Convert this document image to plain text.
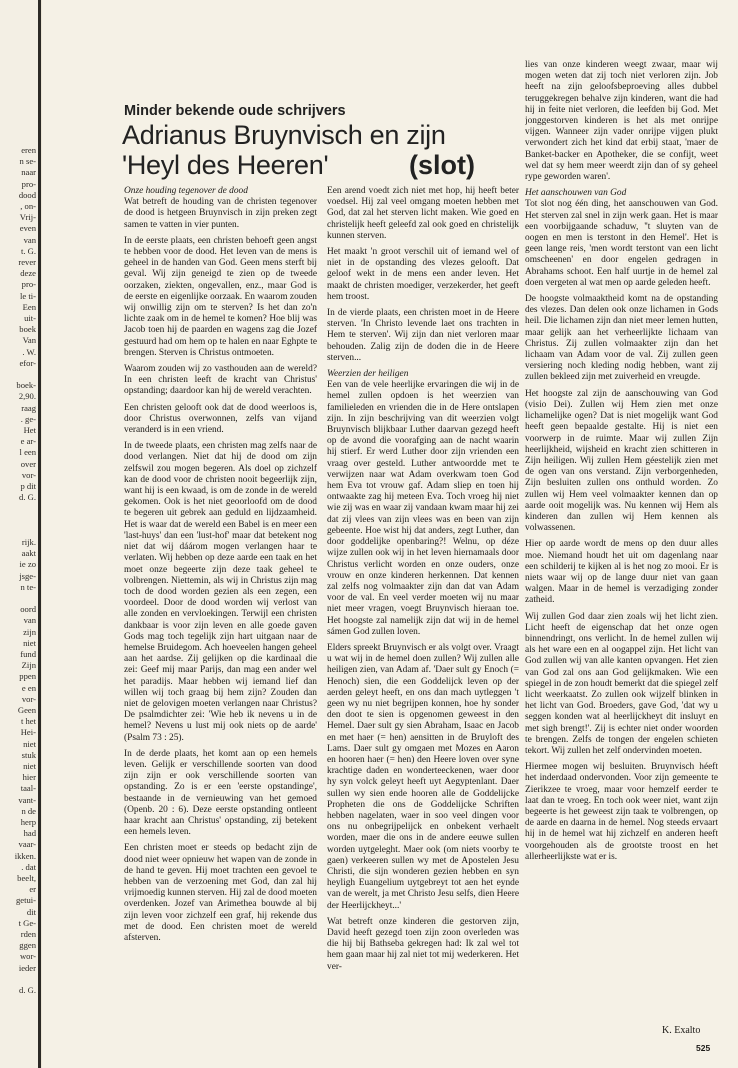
eren
n se-
naar
pro-
dood
, on-
Vrij-
even
van
t. G.
rever
deze
pro-
le ti-
Een
uit-
boek
Van
. W.
efor-
boek-
2,90.
raag
. ge-
Het
e ar-
l een
over
vor-
p dit
d. G.
rijk.
aakt
ie zo
jsge-
n te-
oord
van
zijn
niet
fund
Zijn
ppen
e en
vor-
Geen
t het
Hei-
niet
stuk
niet
hier
taal-
vant-
n de
herp
had
vaar-
ikken.
. dat
beelt,
er
getui-
dit
t Ge-
rden
ggen
wor-
ieder
d. G.

Minder bekende oude schrijvers

Adrianus Bruynvisch en zijn
'Heyl des Heeren'	(slot)

Onze houding tegenover de dood

Wat betreft de houding van de christen tegenover de dood is hetgeen Bruynvisch in zijn preken zegt samen te vatten in vier punten.

In de eerste plaats, een christen behoeft geen angst te hebben voor de dood. Het leven van de mens is geheel in de handen van God. Geen mens sterft bij geval. Wij zijn geneigd te zien op de tweede oorzaken, ziekten, ongevallen, enz., maar God is de eerste en eigenlijke oorzaak. En waarom zouden wij onwillig zijn om te sterven? Is het dan zo'n lichte zaak om in de hemel te komen? Hoe blij was Jacob toen hij de paarden en wagens zag die Jozef gestuurd had om hem op te halen en naar Eghpte te brengen. Sterven is Christus ontmoeten.

Waarom zouden wij zo vasthouden aan de wereld? In een christen leeft de kracht van Christus' opstanding; daardoor kan hij de wereld verachten.

Een christen gelooft ook dat de dood weerloos is, door Christus overwonnen, zelfs van vijand veranderd is in een vriend.

In de tweede plaats, een christen mag zelfs naar de dood verlangen. Niet dat hij de dood om zijn zelfswil zou mogen begeren. Als doel op zichzelf kan de dood voor de christen nooit begeerlijk zijn, want hij is een kwaad, is om de zonde in de wereld gekomen. Ook is het niet geoorloofd om de dood te begeren uit gebrek aan geduld en lijdzaamheid. Het is waar dat de wereld een Babel is en meer een 'last-huys' dan een 'lust-hof' maar dat betekent nog niet dat wij dáárom mogen verlangen haar te verlaten. Wij hebben op deze aarde een taak en het moet onze begeerte zijn deze taak geheel te volbrengen. Niettemin, als wij in Christus zijn mag toch de dood worden gezien als een zegen, een voordeel. Door de dood worden wij verlost van alle zonden en vervloekingen. Terwijl een christen dankbaar is voor zijn leven en alle goede gaven Gods mag toch tegelijk zijn hart uitgaan naar de hemelse Bruidegom. Ach hoeveelen hangen geheel aan het aardse. Zij gelijken op die kardinaal die zei: Geef mij maar Parijs, dan mag een ander wel het paradijs. Maar hebben wij iemand lief dan willen wij toch graag bij hem zijn? Zouden dan niet de gelovigen moeten verlangen naar Christus? De psalmdichter zei: 'Wie heb ik nevens u in de hemel? Nevens u lust mij ook niets op de aarde' (Psalm 73 : 25).

In de derde plaats, het komt aan op een hemels leven. Gelijk er verschillende soorten van dood zijn zijn er ook verschillende soorten van opstanding. Zo is er een 'eerste opstandinge', bestaande in de vernieuwing van het gemoed (Openb. 20 : 6). Deze eerste opstanding ontleent haar kracht aan Christus' opstanding, zij betekent een hemels leven.

Een christen moet er steeds op bedacht zijn de dood niet weer opnieuw het wapen van de zonde in de hand te geven. Hij moet trachten een gevoel te hebben van de verzoening met God, dan zal hij vrijmoedig kunnen sterven. Hij zal de dood moeten overdenken. Jozef van Arimethea bouwde al bij zijn leven voor zichzelf een graf, hij rekende dus met de dood. Een christen moet de wereld afsterven.

Een arend voedt zich niet met hop, hij heeft beter voedsel. Hij zal veel omgang moeten hebben met God, dat zal het sterven licht maken. Wie goed en christelijk heeft geleefd zal ook goed en christelijk kunnen sterven.

Het maakt 'n groot verschil uit of iemand wel of niet in de opstanding des vlezes gelooft. Dat geloof wekt in de mens een ander leven. Het maakt de christen moediger, verzekerder, het geeft hem troost.

In de vierde plaats, een christen moet in de Heere sterven. 'In Christo levende laet ons trachten in Hem te sterven'. Wij zijn dan niet verloren maar behouden. Zalig zijn de doden die in de Heere sterven...

Weerzien der heiligen

Een van de vele heerlijke ervaringen die wij in de hemel zullen opdoen is het weerzien van familieleden en vrienden die in de Here ontslapen zijn. In zijn beschrijving van dit weerzien volgt Bruynvisch blijkbaar Luther daarvan gezegd heeft op de avond die voorafging aan de nacht waarin hij stierf. Er werd Luther door zijn vrienden een vraag over gesteld. Luther antwoordde met te verwijzen naar wat Adam overkwam toen God hem Eva tot vrouw gaf. Adam sliep en toen hij ontwaakte zag hij meteen Eva. Toch vroeg hij niet wie zij was en waar zij vandaan kwam maar hij zei dat zij vlees van zijn vlees was en been van zijn gebeente. Hoe wist hij dat anders, zegt Luther, dan door goddelijke openbaring?! Welnu, op déze wijze zullen ook wij in het leven hiernamaals door Christus verlicht worden en onze ouders, onze vrouw en onze kinderen herkennen. Dat kennen zal zelfs nog volmaakter zijn dan dat van Adam voor de val. En veel verder moeten wij nu maar niet meer vragen, voegt Bruynvisch hieraan toe. Het hoogste zal namelijk zijn dat wij in de hemel sámen God zullen loven.

Elders spreekt Bruynvisch er als volgt over. Vraagt u wat wij in de hemel doen zullen? Wij zullen alle heiligen zien, van Adam af. 'Daer sult gy Enoch (= Henoch) sien, die een Goddelijck leven op der aerden geleyt heeft, en ons dan mach uytleggen 't geen wy nu niet begrijpen konnen, hoe hy sonder den doot te sien is opgenomen geweest in den Hemel. Daer sult gy sien Abraham, Isaac en Jacob en met haer (= hen) aensitten in de Bruyloft des Lams. Daer sult gy omgaen met Mozes en Aaron en hooren haer (= hen) den Heere loven over syne krachtige daden en wonderteeckenen, waer door hy syn volck geleyt heeft uyt Aegyptenlant. Daer sullen wy sien ende hooren alle de Goddelijcke Propheten die ons de Goddelijcke Schriften hebben nagelaten, waer in soo veel dingen voor ons nu onbegrijpelijck en onbekent verhaelt worden, maer die ons in de andere eeuwe sullen worden uytgeleght. Maer ook (om niets voorby te gaen) verkeeren sullen wy met de Apostelen Jesu Christi, die sijn wonderen gezien hebben en syn heyligh Euangelium uytgebreyt tot aen het eynde van de werelt, ja met Christo Jesu selfs, dien Heere der Heerlijckheyt...'

Wat betreft onze kinderen die gestorven zijn, David heeft gezegd toen zijn zoon overleden was die hij bij Bathseba gekregen had: Ik zal wel tot hem gaan maar hij zal niet tot mij wederkeren. Het ver-

lies van onze kinderen weegt zwaar, maar wij mogen weten dat zij toch niet verloren zijn. Job heeft na zijn geloofsbeproeving alles dubbel teruggekregen behalve zijn kinderen, want die had hij in feite niet verloren, die leefden bij God. Met jonggestorven kinderen is het als met onrijpe vijgen. Wanneer zijn vader onrijpe vijgen plukt verwondert zich het kind dat erbij staat, 'maer de Banket-backer en Apotheker, die se confijt, weet wel dat sy hem meer weerdt zijn dan of sy geheel rype geworden waren'.

Het aanschouwen van God

Tot slot nog één ding, het aanschouwen van God. Het sterven zal snel in zijn werk gaan. Het is maar een voorbijgaande schaduw, ''t sluyten van de oogen en men is terstont in den Hemel'. Het is geen lange reis, 'men wordt terstont van een licht omscheenen' en door engelen gedragen in Abrahams schoot. Een half uurtje in de hemel zal doen vergeten al wat men op aarde geleden heeft.

De hoogste volmaaktheid komt na de opstanding des vlezes. Dan delen ook onze lichamen in Gods heil. Die lichamen zijn dan niet meer lemen hutten, maar gelijk aan het verheerlijkte lichaam van Christus. Zij zullen volmaakter zijn dan het lichaam van Adam voor de val. Zij zullen geen versiering noch kleding nodig hebben, want zij zullen bekleed zijn met zuiverheid en vreugde.

Het hoogste zal zijn de aanschouwing van God (visio Dei). Zullen wij Hem zien met onze lichamelijke ogen? Dat is niet mogelijk want God heeft geen bepaalde gestalte. Hij is niet een voorwerp in de ruimte. Maar wij zullen Zijn heerlijkheid, wijsheid en kracht zien schitteren in Zijn heiligen. Wij zullen Hem géestelijk zien met de ogen van ons verstand. Zijn verborgenheden, Zijn besluiten zullen ons onthuld worden. Zo zullen wij Hem veel volmaakter kennen dan op aarde ooit mogelijk was. Nu kennen wij Hem als kinderen dan zullen wij Hem kennen als volwassenen.

Hier op aarde wordt de mens op den duur alles moe. Niemand houdt het uit om dagenlang naar een schilderij te kijken al is het nog zo mooi. Er is niets waar wij op de lange duur niet van gaan walgen. Maar in de hemel is verzadiging zonder zatheid.

Wij zullen God daar zien zoals wij het licht zien. Licht heeft de eigenschap dat het onze ogen binnendringt, ons verlicht. In de hemel zullen wij als het ware een en al oogappel zijn. Het licht van God zullen wij van alle kanten opvangen. Het zien van God zal ons aan God gelijkmaken. Wie een spiegel in de zon houdt bemerkt dat die spiegel zelf licht weerkaatst. Zo zullen ook wijzelf blinken in het licht van God. Broeders, gave God, 'dat wy u seggen konden wat al heerlijckheyt dit insluyt en met sigh brengt!'. Zij is echter niet onder woorden te brengen. Zelfs de tongen der engelen schieten tekort. Wij zullen het zelf ondervinden moeten.

Hiermee mogen wij besluiten. Bruynvisch héeft het inderdaad ondervonden. Voor zijn gemeente te Zierikzee te vroeg, maar voor hemzelf eerder te laat dan te vroeg. En toch ook weer niet, want zijn begeerte is het geweest zijn taak te volbrengen, op de aarde en daarna in de hemel. Nog steeds ervaart hij in de hemel wat hij zichzelf en anderen heeft voorgehouden als de grootste troost en het allerheerlijkste wat er is.

K. Exalto

525
